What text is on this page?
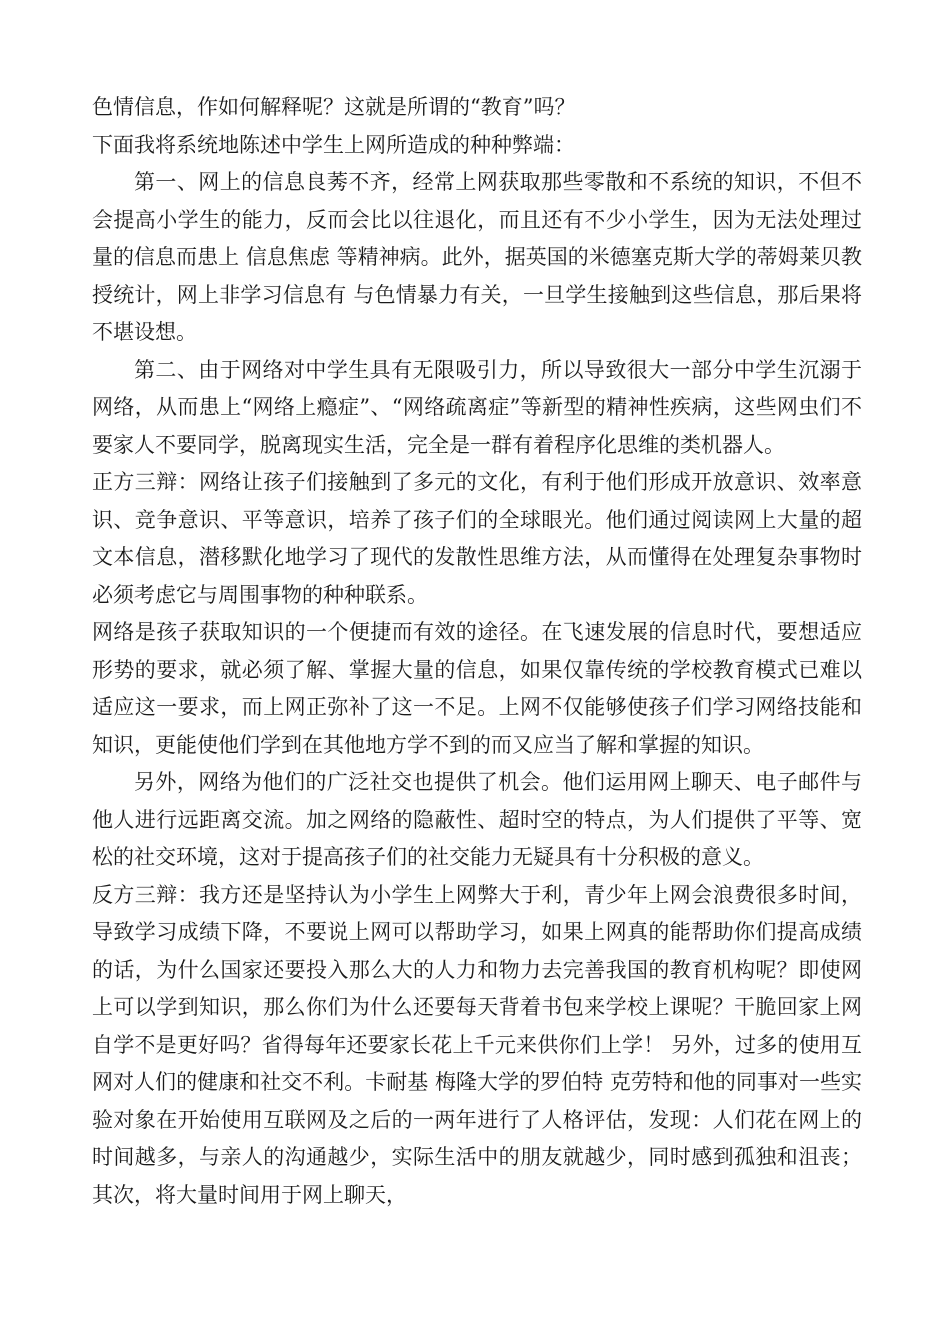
色情信息，作如何解释呢？这就是所谓的“教育”吗？

下面我将系统地陈述中学生上网所造成的种种弊端：

第一、网上的信息良莠不齐，经常上网获取那些零散和不系统的知识，不但不会提高小学生的能力，反而会比以往退化，而且还有不少小学生，因为无法处理过量的信息而患上 信息焦虑 等精神病。此外，据英国的米德塞克斯大学的蒂姆莱贝教授统计，网上非学习信息有 与色情暴力有关，一旦学生接触到这些信息，那后果将不堪设想。

第二、由于网络对中学生具有无限吸引力，所以导致很大一部分中学生沉溺于网络，从而患上“网络上瘾症”、“网络疏离症”等新型的精神性疾病，这些网虫们不要家人不要同学，脱离现实生活，完全是一群有着程序化思维的类机器人。

正方三辩：网络让孩子们接触到了多元的文化，有利于他们形成开放意识、效率意识、竞争意识、平等意识，培养了孩子们的全球眼光。他们通过阅读网上大量的超文本信息，潜移默化地学习了现代的发散性思维方法，从而懂得在处理复杂事物时必须考虑它与周围事物的种种联系。

网络是孩子获取知识的一个便捷而有效的途径。在飞速发展的信息时代，要想适应形势的要求，就必须了解、掌握大量的信息，如果仅靠传统的学校教育模式已难以适应这一要求，而上网正弥补了这一不足。上网不仅能够使孩子们学习网络技能和知识，更能使他们学到在其他地方学不到的而又应当了解和掌握的知识。

另外，网络为他们的广泛社交也提供了机会。他们运用网上聊天、电子邮件与他人进行远距离交流。加之网络的隐蔽性、超时空的特点，为人们提供了平等、宽松的社交环境，这对于提高孩子们的社交能力无疑具有十分积极的意义。

反方三辩：我方还是坚持认为小学生上网弊大于利，青少年上网会浪费很多时间，导致学习成绩下降，不要说上网可以帮助学习，如果上网真的能帮助你们提高成绩的话，为什么国家还要投入那么大的人力和物力去完善我国的教育机构呢？即使网上可以学到知识，那么你们为什么还要每天背着书包来学校上课呢？干脆回家上网自学不是更好吗？省得每年还要家长花上千元来供你们上学！ 另外，过多的使用互网对人们的健康和社交不利。卡耐基 梅隆大学的罗伯特 克劳特和他的同事对一些实验对象在开始使用互联网及之后的一两年进行了人格评估，发现：人们花在网上的时间越多，与亲人的沟通越少，实际生活中的朋友就越少，同时感到孤独和沮丧；其次，将大量时间用于网上聊天，
